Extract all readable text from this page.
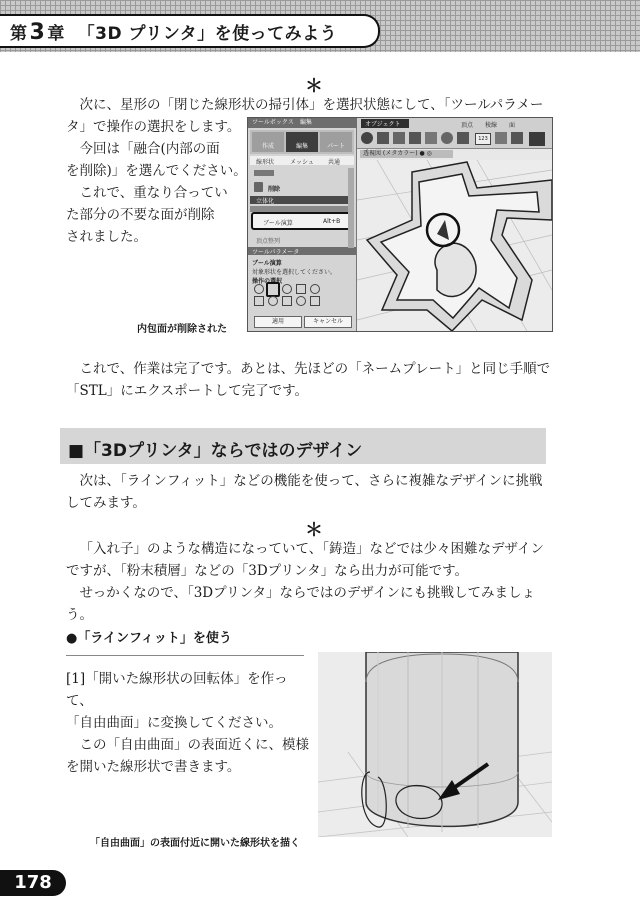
第3 章 「3D プリンタ」を使ってみよう
＊
次に、星形の「閉じた線形状の掃引体」を選択状態にして、「ツールパラメー
タ」で操作の選択をします。
今回は「融合(内部の面
を削除)」を選んでください。
これで、重なり合ってい
た部分の不要な面が削除
されました。
ツールボックス　編集
作成	編集	パート
線形状	メッシュ 共通
削除
立体化
ブール演算	Alt+B
頂点整列
ツールパラメータ
ブール演算
対象形状を選択してください。
操作の選択
適用	キャンセル
オブジェクト	頂点 稜線 面
123
透視図 (メタカラー) ● ◎
内包面が削除された
これで、作業は完了です。あとは、先ほどの「ネームプレート」と同じ手順で
「STL」にエクスポートして完了です。
■「3Dプリンタ」ならではのデザイン
次は、「ラインフィット」などの機能を使って、さらに複雑なデザインに挑戦
してみます。
＊
「入れ子」のような構造になっていて、「鋳造」などでは少々困難なデザイン
ですが、「粉末積層」などの「3Dプリンタ」なら出力が可能です。
せっかくなので、「3Dプリンタ」ならではのデザインにも挑戦してみましょう。
●「ラインフィット」を使う
[1]「開いた線形状の回転体」を作って、
「自由曲面」に変換してください。
この「自由曲面」の表面近くに、模様
を開いた線形状で書きます。
「自由曲面」の表面付近に開いた線形状を描く
178
